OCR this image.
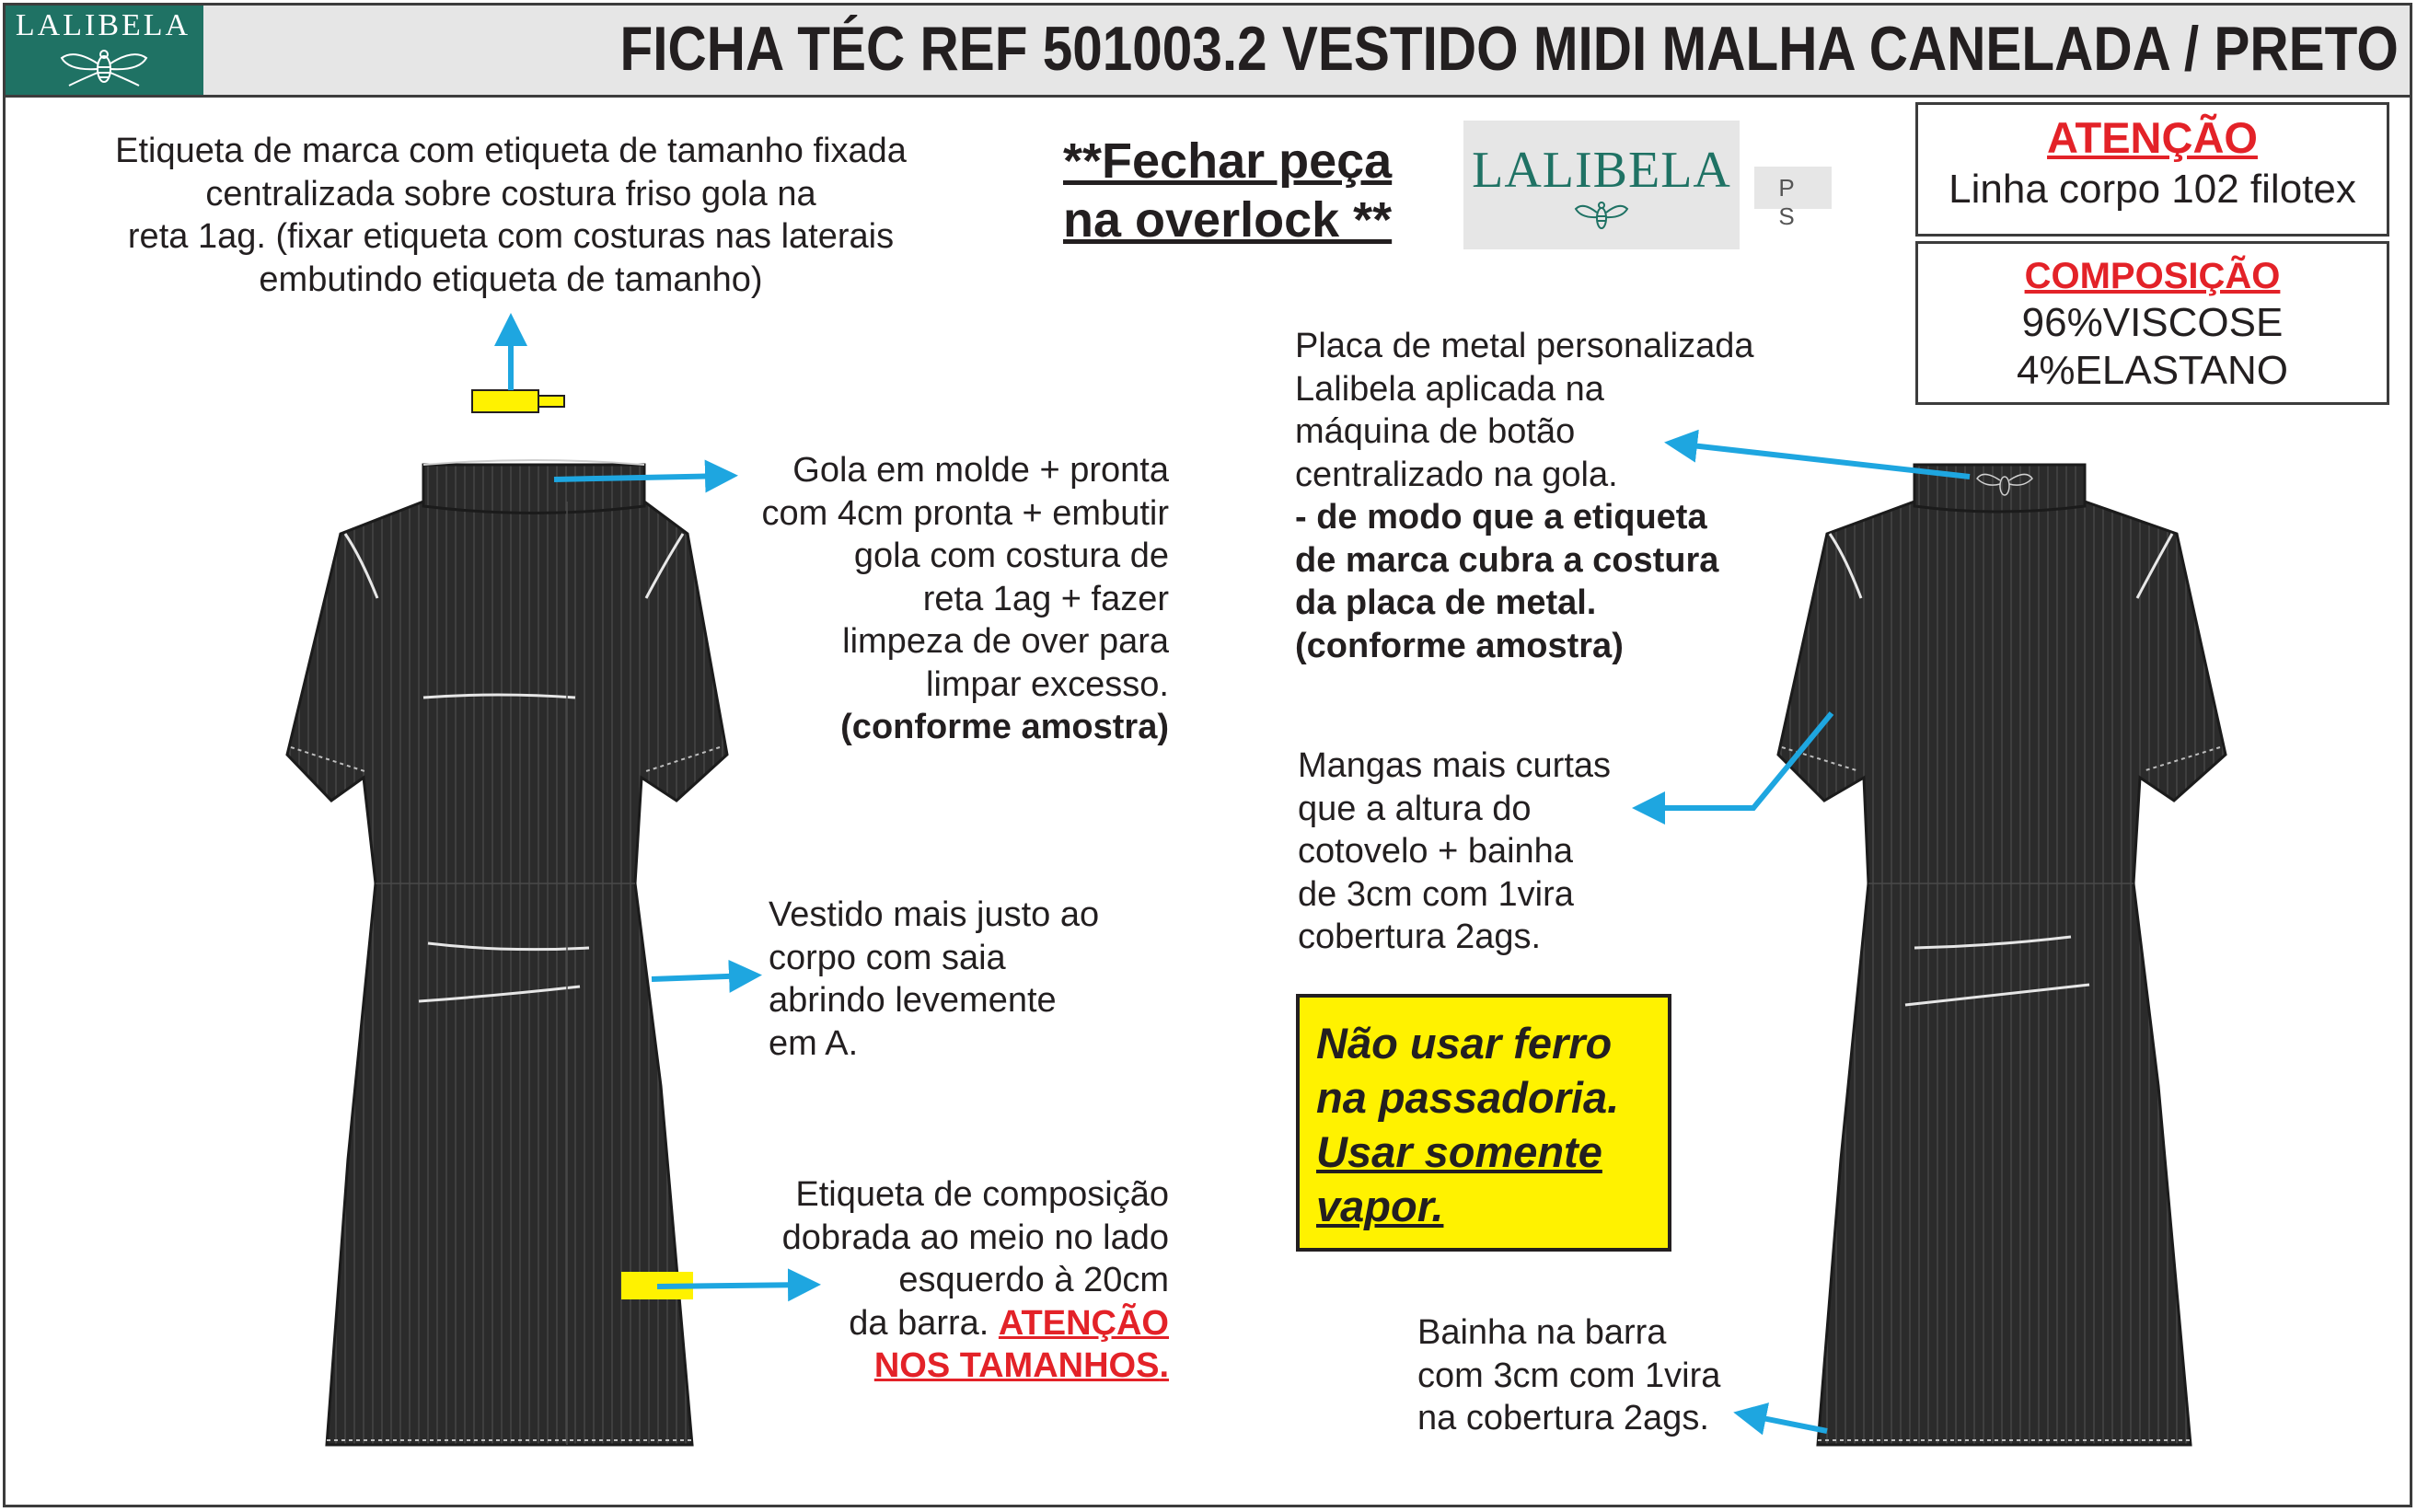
LALIBELA	FICHA TÉC REF 501003.2 VESTIDO MIDI MALHA CANELADA / PRETO
Etiqueta de marca com etiqueta de tamanho fixada
centralizada sobre costura friso gola na
reta 1ag. (fixar etiqueta com costuras nas laterais
embutindo etiqueta de tamanho)
**Fechar peça
na overlock **
LALIBELA	P S
ATENÇÃO
Linha corpo 102 filotex
COMPOSIÇÃO
96%VISCOSE
4%ELASTANO
Gola em molde + pronta
com 4cm pronta + embutir
gola com costura de
reta 1ag + fazer
limpeza de over para
limpar excesso.
(conforme amostra)
Vestido mais justo ao
corpo com saia
abrindo levemente
em A.
Etiqueta de composição
dobrada ao meio no lado
esquerdo à 20cm
da barra. ATENÇÃO
NOS TAMANHOS.
Placa de metal personalizada
Lalibela aplicada na
máquina de botão
centralizado na gola.
- de modo que a etiqueta
de marca cubra a costura
da placa de metal.
(conforme amostra)
Mangas mais curtas
que a altura do
cotovelo + bainha
de 3cm com 1vira
cobertura 2ags.
Não usar ferro
na passadoria.
Usar somente
vapor.
Bainha na barra
com 3cm com 1vira
na cobertura 2ags.
